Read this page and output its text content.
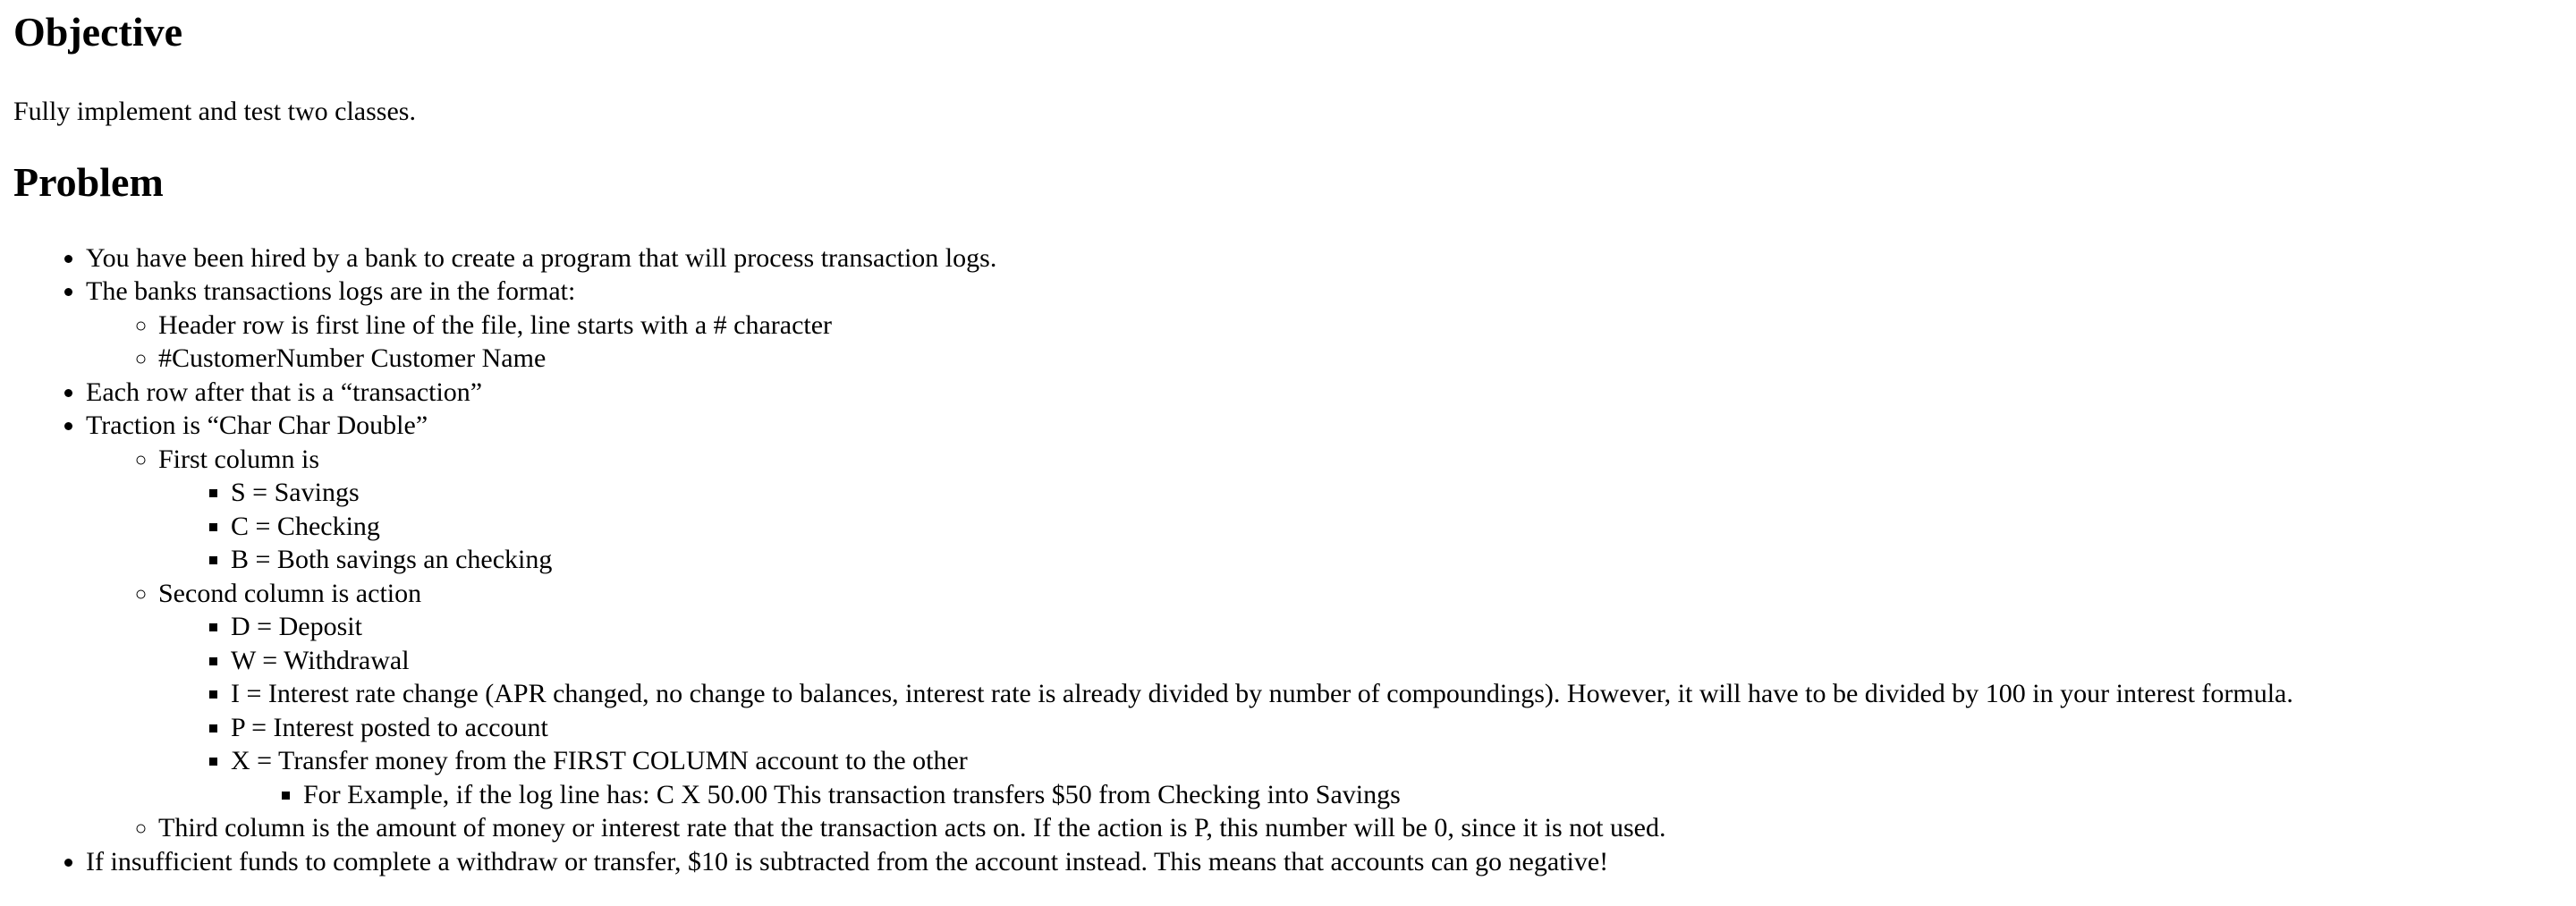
Objective

Fully implement and test two classes.

Problem
• You have been hired by a bank to create a program that will process transaction logs.
• The banks transactions logs are in the format:
◦ Header row is first line of the file, line starts with a # character
◦ #CustomerNumber Customer Name
• Each row after that is a “transaction”
• Traction is “Char Char Double”
◦ First column is
▪ S = Savings
▪ C = Checking
▪ B = Both savings an checking
◦ Second column is action
▪ D = Deposit
▪ W = Withdrawal
▪ I = Interest rate change (APR changed, no change to balances, interest rate is already divided by number of compoundings). However, it will have to be divided by 100 in your interest formula.
▪ P = Interest posted to account
▪ X = Transfer money from the FIRST COLUMN account to the other
▪ For Example, if the log line has: C X 50.00 This transaction transfers $50 from Checking into Savings
◦ Third column is the amount of money or interest rate that the transaction acts on. If the action is P, this number will be 0, since it is not used.
• If insufficient funds to complete a withdraw or transfer, $10 is subtracted from the account instead. This means that accounts can go negative!
